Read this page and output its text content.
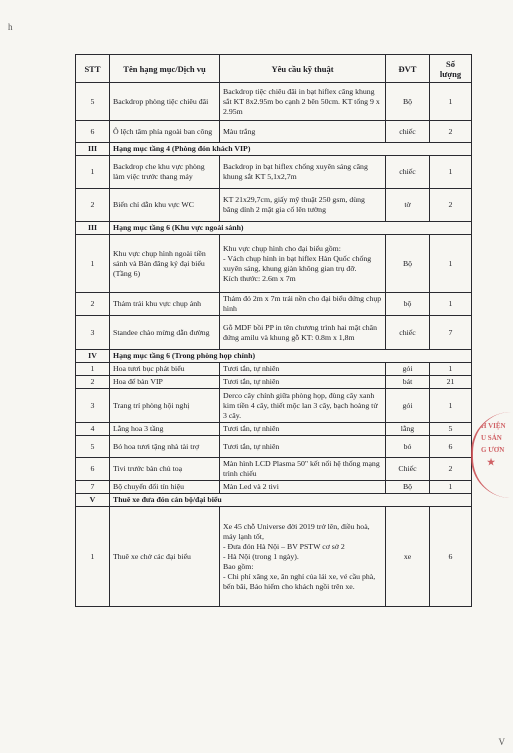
h
STT	Tên hạng mục/Dịch vụ	Yêu cầu kỹ thuật	ĐVT	Số
lượng
5	Backdrop phòng tiệc chiêu đãi	Backdrop tiệc chiêu đãi in bạt hiflex căng khung sắt KT 8x2.95m bo cạnh 2 bên 50cm. KT tổng 9 x 2.95m	Bộ	1
6	Ô lệch tâm phía ngoài ban công	Màu trắng	chiếc	2
III	Hạng mục tầng 4 (Phòng đón khách VIP)			
1	Backdrop che khu vực phòng làm việc trước thang máy	Backdrop in bạt hiflex chống xuyên sáng căng khung sắt KT 5,1x2,7m	chiếc	1
2	Biển chỉ dẫn khu vực WC	KT 21x29,7cm, giấy mỹ thuật 250 gsm, dùng băng dính 2 mặt gia cố lên tường	tờ	2
III	Hạng mục tầng 6 (Khu vực ngoài sảnh)			
1	Khu vực chụp hình ngoài tiền sảnh và Bàn đăng ký đại biểu
(Tầng 6)	Khu vực chụp hình cho đại biểu gồm:
- Vách chụp hình in bạt hiflex Hàn Quốc chống xuyên sáng, khung giàn không gian trụ đỡ.
Kích thước: 2.6m x 7m	Bộ	1
2	Thảm trải khu vực chụp ảnh	Thảm đỏ 2m x 7m trải nền cho đại biểu đứng chụp hình	bộ	1
3	Standee chào mừng dẫn đường	Gỗ MDF bồi PP in tên chương trình hai mặt chân đứng amilu và khung gỗ KT: 0.8m x 1,8m	chiếc	7
IV	Hạng mục tầng 6 (Trong phòng họp chính)			
1	Hoa tươi bục phát biểu	Tươi tắn, tự nhiên	gói	1
2	Hoa để bàn VIP	Tươi tắn, tự nhiên	bát	21
3	Trang trí phòng hội nghị	Derco cây chính giữa phòng họp, đùng cây xanh kim tiền 4 cây, thiết mộc lan 3 cây, bạch hoàng tử 3 cây.	gói	1
4	Lẵng hoa 3 tầng	Tươi tắn, tự nhiên	lẵng	5
5	Bó hoa tươi tặng nhà tài trợ	Tươi tắn, tự nhiên	bó	6
6	Tivi trước bàn chủ toạ	Màn hình LCD Plasma 50" kết nối hệ thống mạng trình chiếu	Chiếc	2
7	Bộ chuyển đổi tín hiệu	Màn Led và 2 tivi	Bộ	1
V	Thuê xe đưa đón cán bộ/đại biểu			
1	Thuê xe chở các đại biểu	Xe 45 chỗ Universe đời 2019 trở lên, điều hoà, máy lạnh tốt,
- Đưa đón Hà Nội – BV PSTW cơ sở 2
- Hà Nội (trong 1 ngày).
Bao gồm:
- Chi phí xăng xe, ăn nghỉ của lái xe, vé cầu phà, bến bãi, Bảo hiểm cho khách ngồi trên xe.	xe	6
H VIỆN
U SẢN
G ƯƠN

★
V
